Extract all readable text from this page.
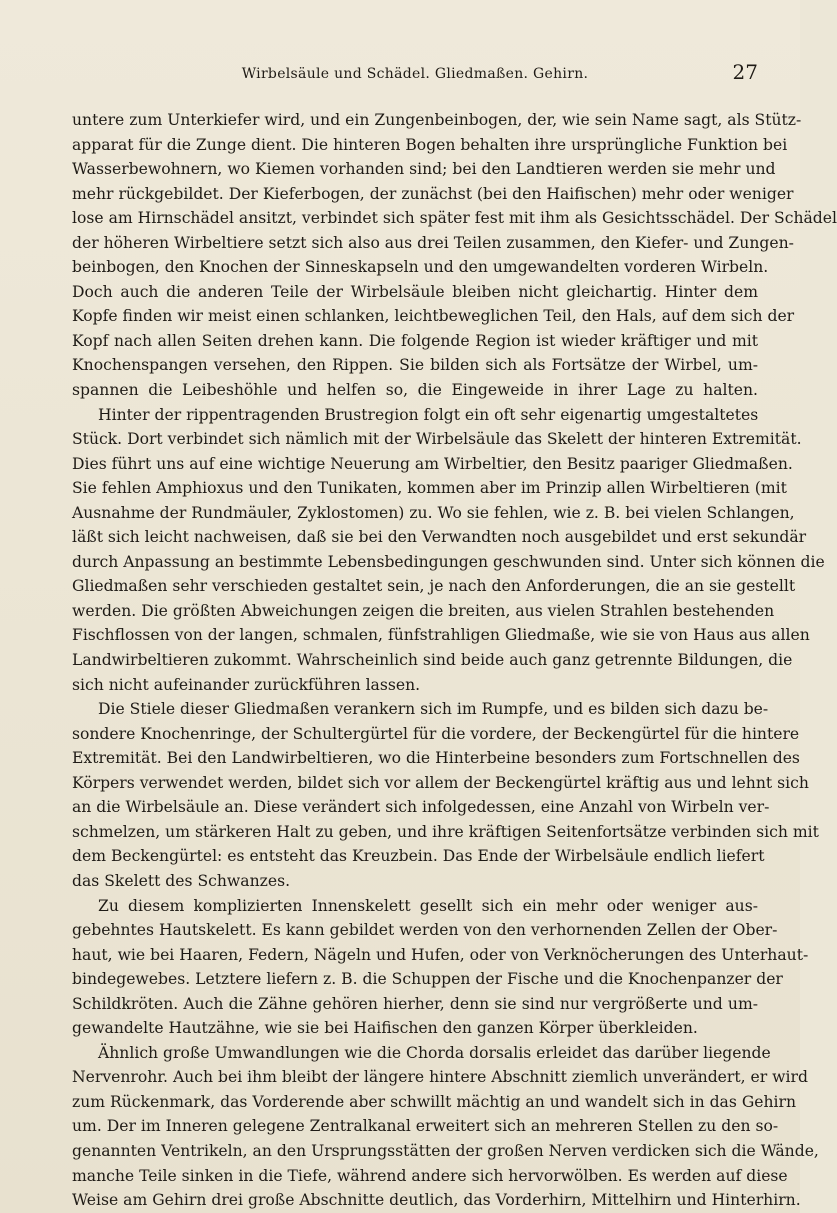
Wirbelsäule und Schädel. Gliedmaßen. Gehirn.	27
untere zum Unterkiefer wird, und ein Zungenbeinbogen, der, wie sein Name sagt, als Stütz-
apparat für die Zunge dient. Die hinteren Bogen behalten ihre ursprüngliche Funktion bei
Wasserbewohnern, wo Kiemen vorhanden sind; bei den Landtieren werden sie mehr und
mehr rückgebildet. Der Kieferbogen, der zunächst (bei den Haifischen) mehr oder weniger
lose am Hirnschädel ansitzt, verbindet sich später fest mit ihm als Gesichtsschädel. Der Schädel
der höheren Wirbeltiere setzt sich also aus drei Teilen zusammen, den Kiefer- und Zungen-
beinbogen, den Knochen der Sinneskapseln und den umgewandelten vorderen Wirbeln.
Doch auch die anderen Teile der Wirbelsäule bleiben nicht gleichartig. Hinter dem
Kopfe finden wir meist einen schlanken, leichtbeweglichen Teil, den Hals, auf dem sich der
Kopf nach allen Seiten drehen kann. Die folgende Region ist wieder kräftiger und mit
Knochenspangen versehen, den Rippen. Sie bilden sich als Fortsätze der Wirbel, um-
spannen die Leibeshöhle und helfen so, die Eingeweide in ihrer Lage zu halten.
Hinter der rippentragenden Brustregion folgt ein oft sehr eigenartig umgestaltetes
Stück. Dort verbindet sich nämlich mit der Wirbelsäule das Skelett der hinteren Extremität.
Dies führt uns auf eine wichtige Neuerung am Wirbeltier, den Besitz paariger Gliedmaßen.
Sie fehlen Amphioxus und den Tunikaten, kommen aber im Prinzip allen Wirbeltieren (mit
Ausnahme der Rundmäuler, Zyklostomen) zu. Wo sie fehlen, wie z. B. bei vielen Schlangen,
läßt sich leicht nachweisen, daß sie bei den Verwandten noch ausgebildet und erst sekundär
durch Anpassung an bestimmte Lebensbedingungen geschwunden sind. Unter sich können die
Gliedmaßen sehr verschieden gestaltet sein, je nach den Anforderungen, die an sie gestellt
werden. Die größten Abweichungen zeigen die breiten, aus vielen Strahlen bestehenden
Fischflossen von der langen, schmalen, fünfstrahligen Gliedmaße, wie sie von Haus aus allen
Landwirbeltieren zukommt. Wahrscheinlich sind beide auch ganz getrennte Bildungen, die
sich nicht aufeinander zurückführen lassen.
Die Stiele dieser Gliedmaßen verankern sich im Rumpfe, und es bilden sich dazu be-
sondere Knochenringe, der Schultergürtel für die vordere, der Beckengürtel für die hintere
Extremität. Bei den Landwirbeltieren, wo die Hinterbeine besonders zum Fortschnellen des
Körpers verwendet werden, bildet sich vor allem der Beckengürtel kräftig aus und lehnt sich
an die Wirbelsäule an. Diese verändert sich infolgedessen, eine Anzahl von Wirbeln ver-
schmelzen, um stärkeren Halt zu geben, und ihre kräftigen Seitenfortsätze verbinden sich mit
dem Beckengürtel: es entsteht das Kreuzbein. Das Ende der Wirbelsäule endlich liefert
das Skelett des Schwanzes.
Zu diesem komplizierten Innenskelett gesellt sich ein mehr oder weniger aus-
gebehntes Hautskelett. Es kann gebildet werden von den verhornenden Zellen der Ober-
haut, wie bei Haaren, Federn, Nägeln und Hufen, oder von Verknöcherungen des Unterhaut-
bindegewebes. Letztere liefern z. B. die Schuppen der Fische und die Knochenpanzer der
Schildkröten. Auch die Zähne gehören hierher, denn sie sind nur vergrößerte und um-
gewandelte Hautzähne, wie sie bei Haifischen den ganzen Körper überkleiden.
Ähnlich große Umwandlungen wie die Chorda dorsalis erleidet das darüber liegende
Nervenrohr. Auch bei ihm bleibt der längere hintere Abschnitt ziemlich unverändert, er wird
zum Rückenmark, das Vorderende aber schwillt mächtig an und wandelt sich in das Gehirn
um. Der im Inneren gelegene Zentralkanal erweitert sich an mehreren Stellen zu den so-
genannten Ventrikeln, an den Ursprungsstätten der großen Nerven verdicken sich die Wände,
manche Teile sinken in die Tiefe, während andere sich hervorwölben. Es werden auf diese
Weise am Gehirn drei große Abschnitte deutlich, das Vorderhirn, Mittelhirn und Hinterhirn.
